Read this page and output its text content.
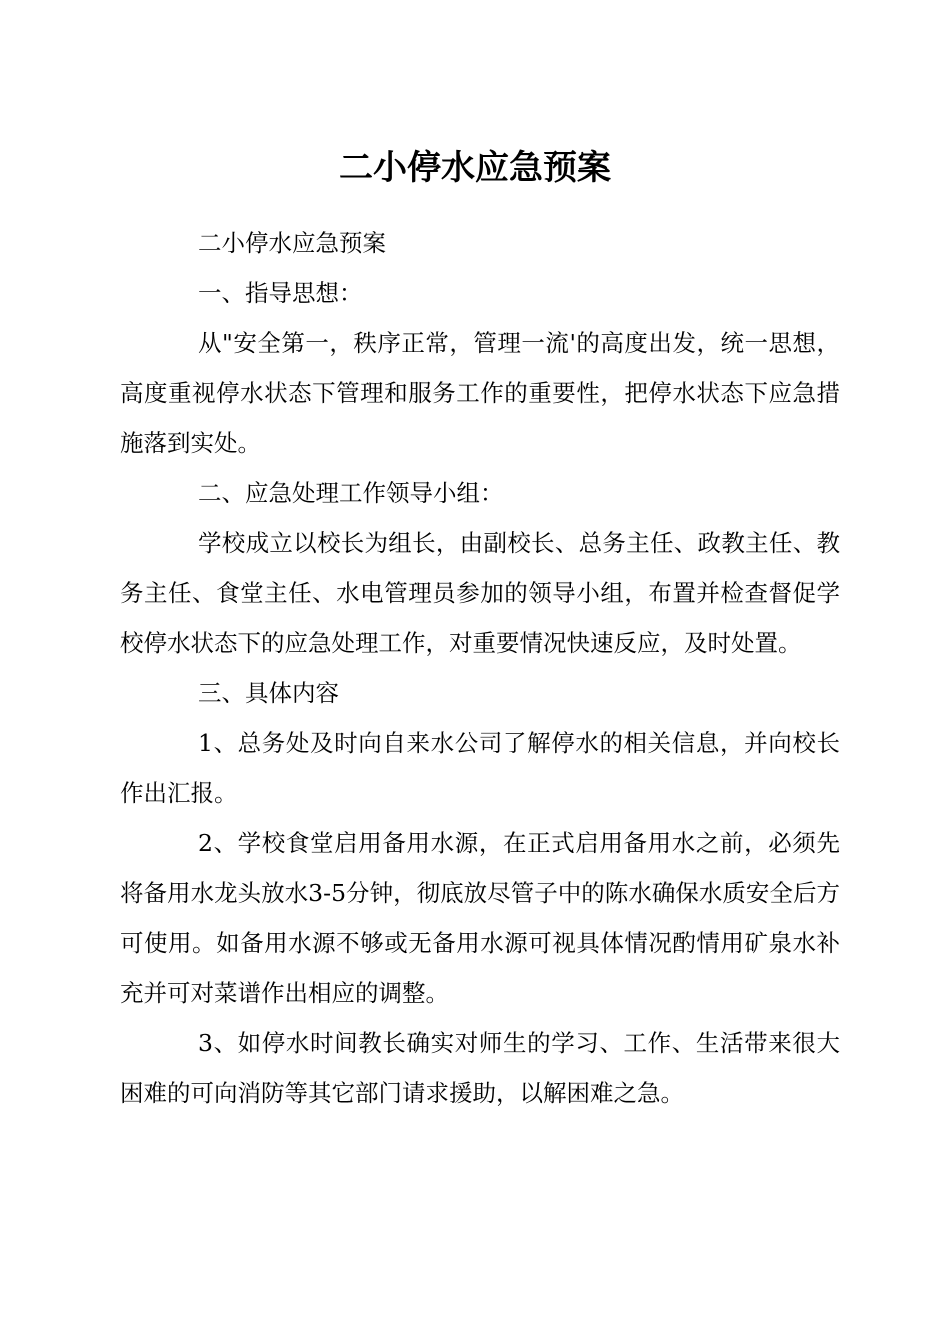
二小停水应急预案

二小停水应急预案

一、指导思想：

从"安全第一，秩序正常，管理一流'的高度出发，统一思想，高度重视停水状态下管理和服务工作的重要性，把停水状态下应急措施落到实处。

二、应急处理工作领导小组：

学校成立以校长为组长，由副校长、总务主任、政教主任、教务主任、食堂主任、水电管理员参加的领导小组，布置并检查督促学校停水状态下的应急处理工作，对重要情况快速反应，及时处置。

三、具体内容

1、总务处及时向自来水公司了解停水的相关信息，并向校长作出汇报。

2、学校食堂启用备用水源，在正式启用备用水之前，必须先将备用水龙头放水3-5分钟，彻底放尽管子中的陈水确保水质安全后方可使用。如备用水源不够或无备用水源可视具体情况酌情用矿泉水补充并可对菜谱作出相应的调整。

3、如停水时间教长确实对师生的学习、工作、生活带来很大困难的可向消防等其它部门请求援助，以解困难之急。
